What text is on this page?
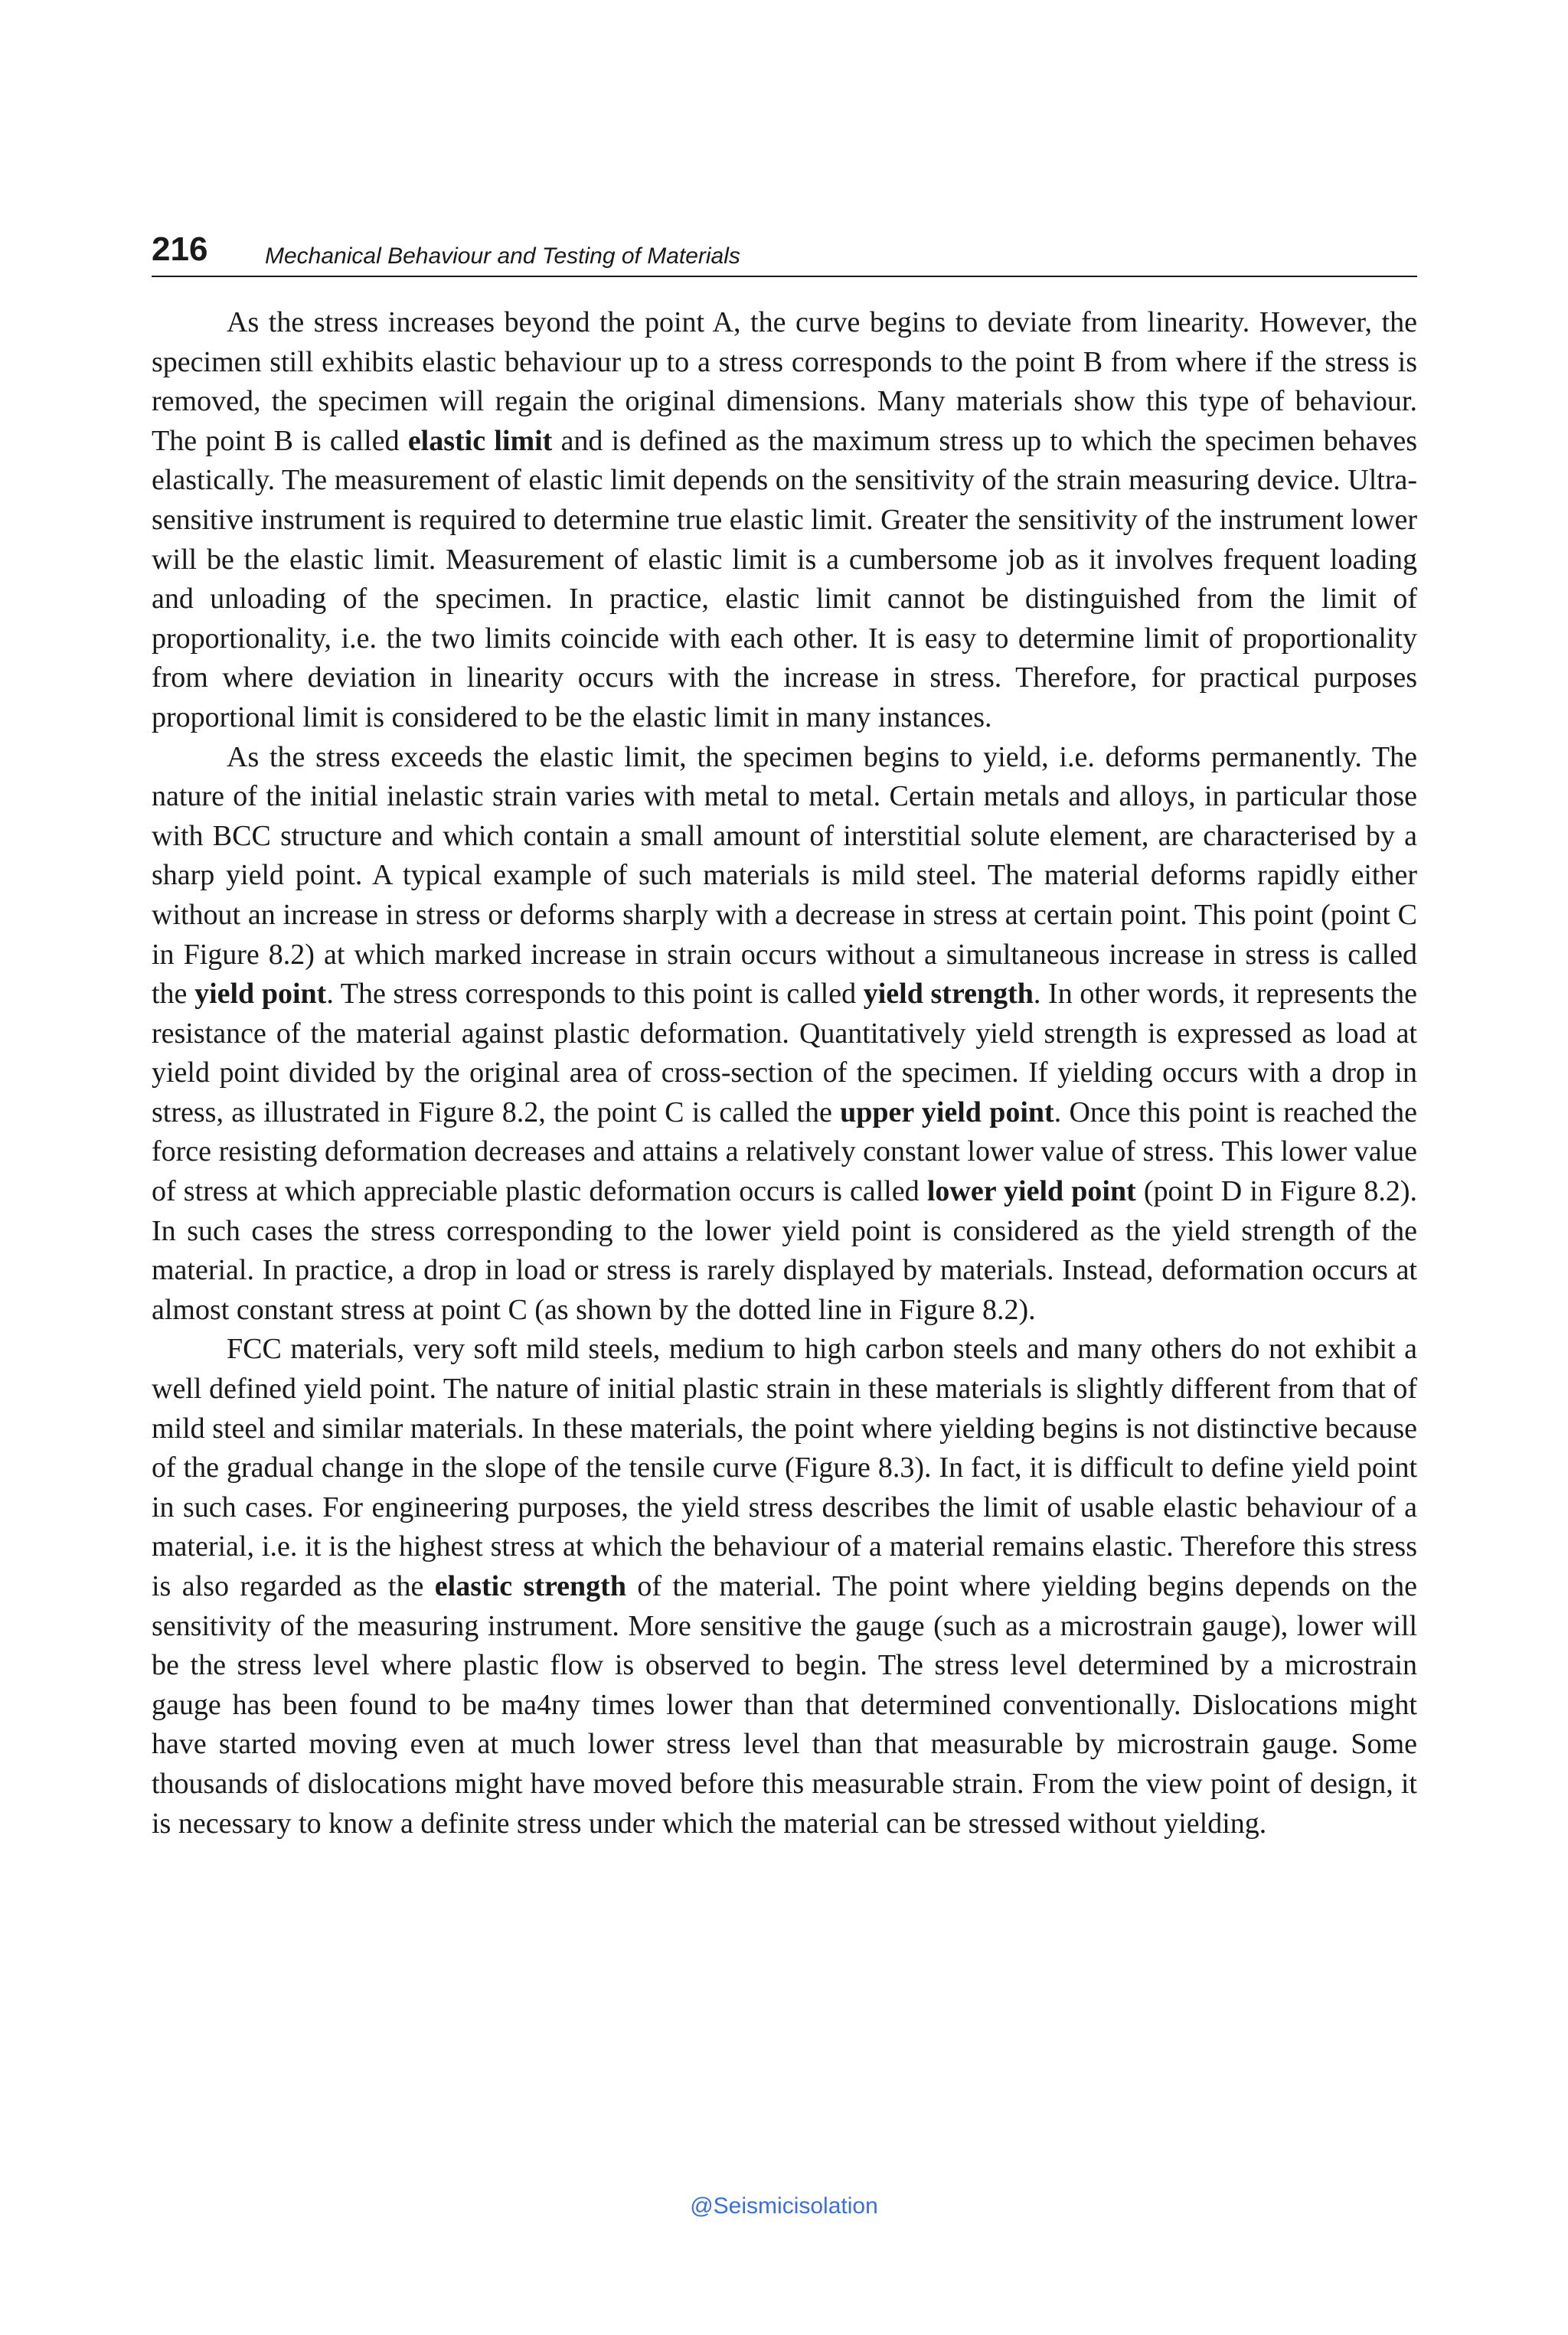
216 Mechanical Behaviour and Testing of Materials

As the stress increases beyond the point A, the curve begins to deviate from linearity. However, the specimen still exhibits elastic behaviour up to a stress corresponds to the point B from where if the stress is removed, the specimen will regain the original dimensions. Many materials show this type of behaviour. The point B is called elastic limit and is defined as the maximum stress up to which the specimen behaves elastically. The measurement of elastic limit depends on the sensitivity of the strain measuring device. Ultra-sensitive instrument is required to determine true elastic limit. Greater the sensitivity of the instrument lower will be the elastic limit. Measurement of elastic limit is a cumbersome job as it involves frequent loading and unloading of the specimen. In practice, elastic limit cannot be distinguished from the limit of proportionality, i.e. the two limits coincide with each other. It is easy to determine limit of proportionality from where deviation in linearity occurs with the increase in stress. Therefore, for practical purposes proportional limit is considered to be the elastic limit in many instances.

As the stress exceeds the elastic limit, the specimen begins to yield, i.e. deforms permanently. The nature of the initial inelastic strain varies with metal to metal. Certain metals and alloys, in particular those with BCC structure and which contain a small amount of interstitial solute element, are characterised by a sharp yield point. A typical example of such materials is mild steel. The material deforms rapidly either without an increase in stress or deforms sharply with a decrease in stress at certain point. This point (point C in Figure 8.2) at which marked increase in strain occurs without a simultaneous increase in stress is called the yield point. The stress corresponds to this point is called yield strength. In other words, it represents the resistance of the material against plastic deformation. Quantitatively yield strength is expressed as load at yield point divided by the original area of cross-section of the specimen. If yielding occurs with a drop in stress, as illustrated in Figure 8.2, the point C is called the upper yield point. Once this point is reached the force resisting deformation decreases and attains a relatively constant lower value of stress. This lower value of stress at which appreciable plastic deformation occurs is called lower yield point (point D in Figure 8.2). In such cases the stress corresponding to the lower yield point is considered as the yield strength of the material. In practice, a drop in load or stress is rarely displayed by materials. Instead, deformation occurs at almost constant stress at point C (as shown by the dotted line in Figure 8.2).

FCC materials, very soft mild steels, medium to high carbon steels and many others do not exhibit a well defined yield point. The nature of initial plastic strain in these materials is slightly different from that of mild steel and similar materials. In these materials, the point where yielding begins is not distinctive because of the gradual change in the slope of the tensile curve (Figure 8.3). In fact, it is difficult to define yield point in such cases. For engineering purposes, the yield stress describes the limit of usable elastic behaviour of a material, i.e. it is the highest stress at which the behaviour of a material remains elastic. Therefore this stress is also regarded as the elastic strength of the material. The point where yielding begins depends on the sensitivity of the measuring instrument. More sensitive the gauge (such as a microstrain gauge), lower will be the stress level where plastic flow is observed to begin. The stress level determined by a microstrain gauge has been found to be ma4ny times lower than that determined conventionally. Dislocations might have started moving even at much lower stress level than that measurable by microstrain gauge. Some thousands of dislocations might have moved before this measurable strain. From the view point of design, it is necessary to know a definite stress under which the material can be stressed without yielding.

@Seismicisolation
